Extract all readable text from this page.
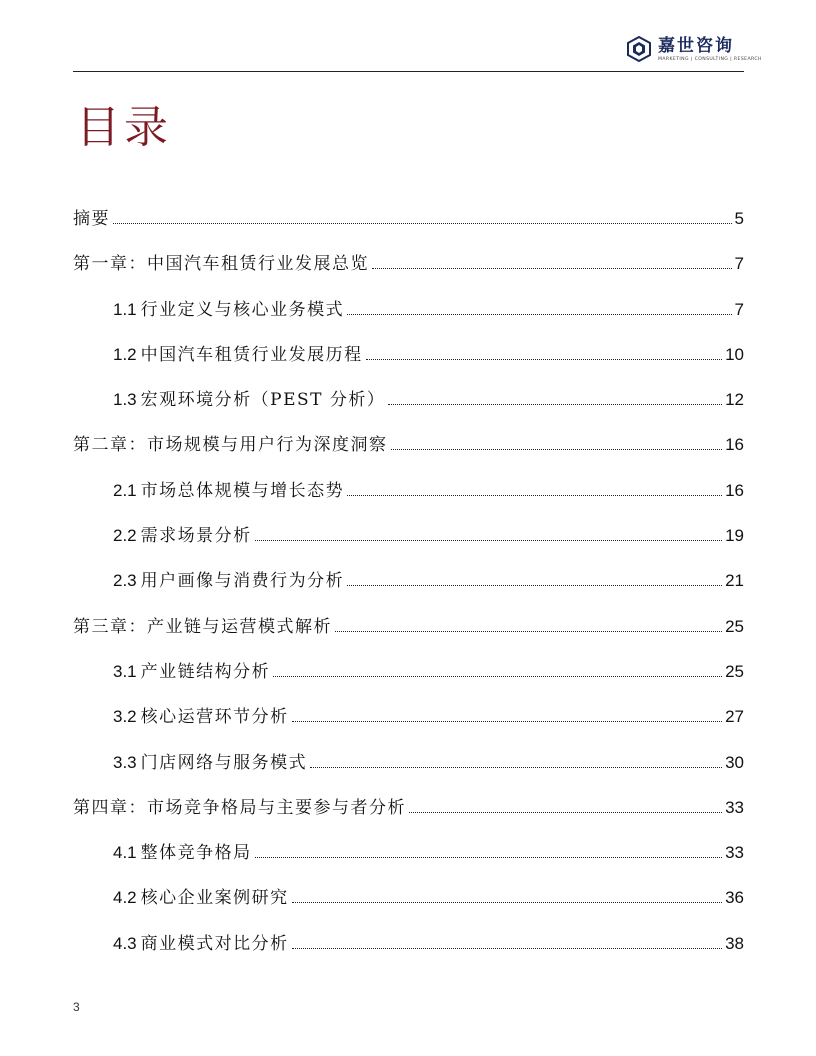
嘉世咨询
MARKETING | CONSULTING | RESEARCH
目录
摘要	5
第一章：中国汽车租赁行业发展总览	7
1.1 行业定义与核心业务模式	7
1.2 中国汽车租赁行业发展历程	10
1.3 宏观环境分析（PEST 分析）	12
第二章：市场规模与用户行为深度洞察	16
2.1 市场总体规模与增长态势	16
2.2 需求场景分析	19
2.3 用户画像与消费行为分析	21
第三章：产业链与运营模式解析	25
3.1 产业链结构分析	25
3.2 核心运营环节分析	27
3.3 门店网络与服务模式	30
第四章：市场竞争格局与主要参与者分析	33
4.1 整体竞争格局	33
4.2 核心企业案例研究	36
4.3 商业模式对比分析	38
3
